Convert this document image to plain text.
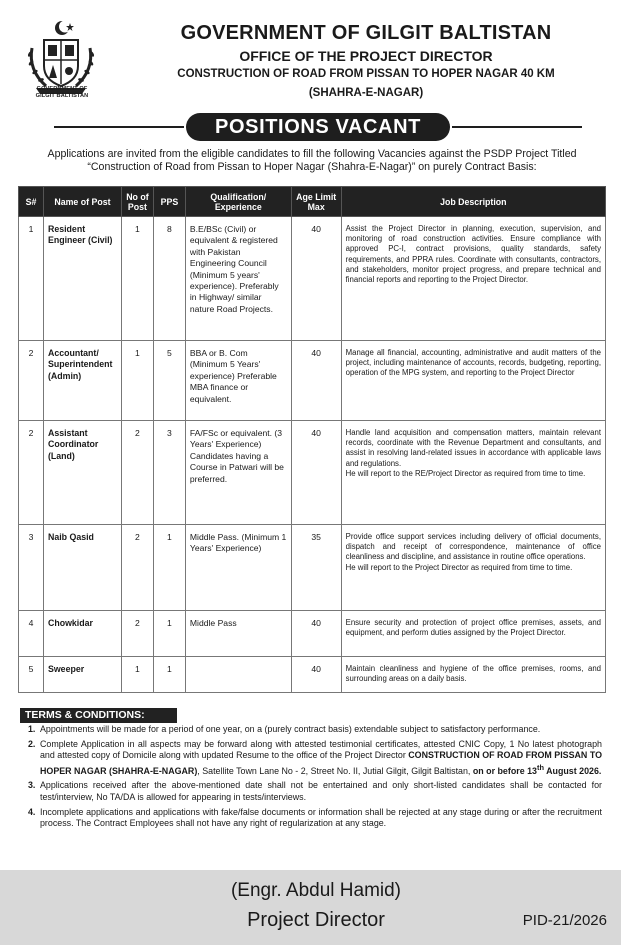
GOVERNMENT OF
GILGIT BALTISTAN
GOVERNMENT OF GILGIT BALTISTAN
OFFICE OF THE PROJECT DIRECTOR
CONSTRUCTION OF ROAD FROM PISSAN TO HOPER NAGAR 40 KM
(SHAHRA-E-NAGAR)
POSITIONS VACANT
Applications are invited from the eligible candidates to fill the following Vacancies against the PSDP Project Titled “Construction of Road from Pissan to Hoper Nagar (Shahra-E-Nagar)” on purely Contract Basis:
S#	Name of Post	No of Post	PPS	Qualification/ Experience	Age Limit Max	Job Description
1	Resident Engineer (Civil)	1	8	B.E/BSc (Civil) or equivalent & registered with Pakistan Engineering Council (Minimum 5 years' experience). Preferably in Highway/ similar nature Road Projects.	40	Assist the Project Director in planning, execution, supervision, and monitoring of road construction activities. Ensure compliance with approved PC-I, contract provisions, quality standards, safety requirements, and PPRA rules. Coordinate with consultants, contractors, and stakeholders, monitor project progress, and prepare technical and financial reports and reporting to the Project Director.
2	Accountant/ Superintendent (Admin)	1	5	BBA or B. Com (Minimum 5 Years' experience) Preferable MBA finance or equivalent.	40	Manage all financial, accounting, administrative and audit matters of the project, including maintenance of accounts, records, budgeting, reporting, operation of the MPG system, and reporting to the Project Director
2	Assistant Coordinator (Land)	2	3	FA/FSc or equivalent. (3 Years' Experience) Candidates having a Course in Patwari will be preferred.	40	Handle land acquisition and compensation matters, maintain relevant records, coordinate with the Revenue Department and consultants, and assist in resolving land-related issues in accordance with applicable laws and regulations.
He will report to the RE/Project Director as required from time to time.

3	Naib Qasid	2	1	Middle Pass. (Minimum 1 Years' Experience)	35	Provide office support services including delivery of official documents, dispatch and receipt of correspondence, maintenance of office cleanliness and discipline, and assistance in routine office operations.
He will report to the Project Director as required from time to time.

4	Chowkidar	2	1	Middle Pass	40	Ensure security and protection of project office premises, assets, and equipment, and perform duties assigned by the Project Director.
5	Sweeper	1	1		40	Maintain cleanliness and hygiene of the office premises, rooms, and surrounding areas on a daily basis.
TERMS & CONDITIONS:
1. Appointments will be made for a period of one year, on a (purely contract basis) extendable subject to satisfactory performance.
2. Complete Application in all aspects may be forward along with attested testimonial certificates, attested CNIC Copy, 1 No latest photograph and attested copy of Domicile along with updated Resume to the office of the Project Director CONSTRUCTION OF ROAD FROM PISSAN TO HOPER NAGAR (SHAHRA-E-NAGAR), Satellite Town Lane No - 2, Street No. II, Jutial Gilgit, Gilgit Baltistan, on or before 13th August 2026.
3. Applications received after the above-mentioned date shall not be entertained and only short-listed candidates shall be contacted for test/interview, No TA/DA is allowed for appearing in tests/interviews.
4. Incomplete applications and applications with fake/false documents or information shall be rejected at any stage during or after the recruitment process. The Contract Employees shall not have any right of regularization at any stage.
(Engr. Abdul Hamid)
Project Director	PID-21/2026
